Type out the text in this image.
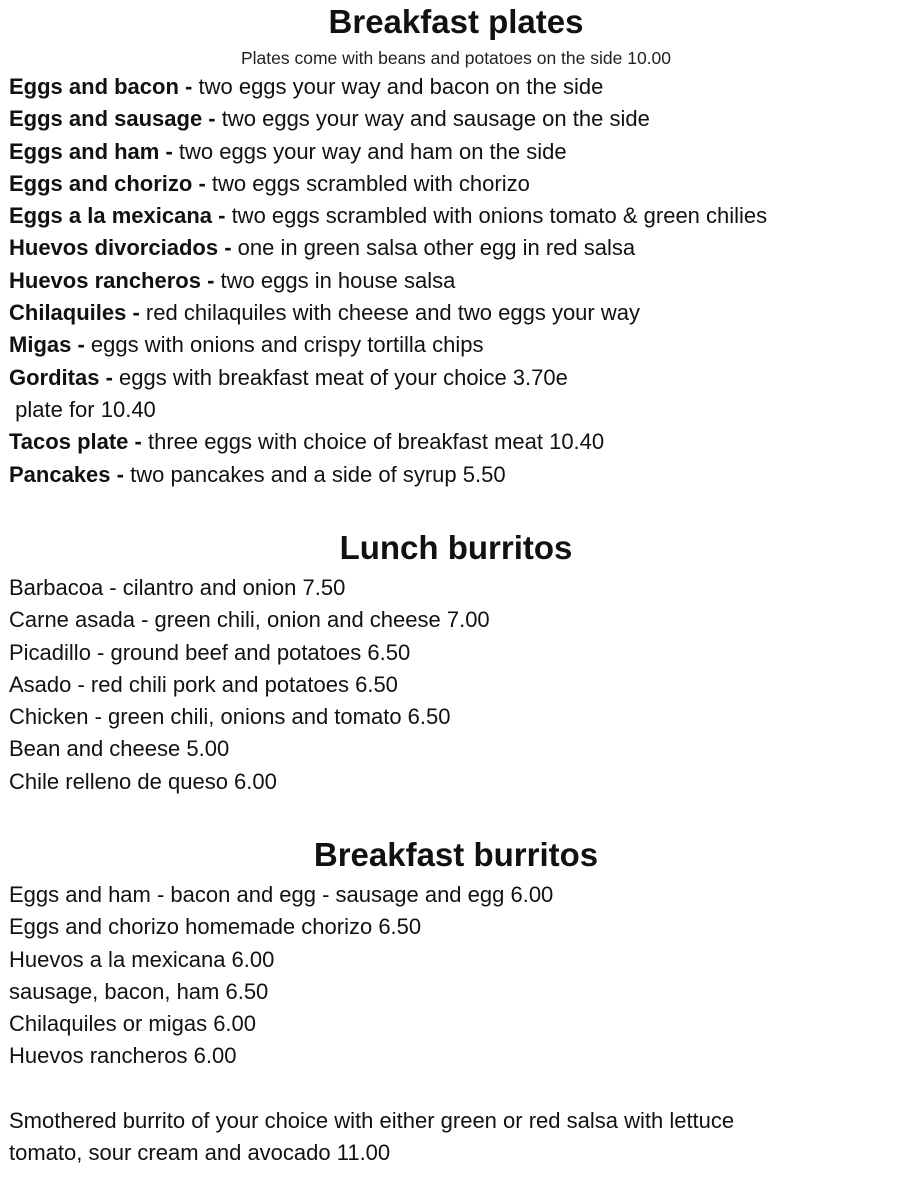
Breakfast plates

Plates come with beans and potatoes on the side 10.00

Eggs and bacon - two eggs your way and bacon on the side
Eggs and sausage - two eggs your way and sausage on the side
Eggs and ham - two eggs your way and ham on the side
Eggs and chorizo - two eggs scrambled with chorizo
Eggs a la mexicana - two eggs scrambled with onions tomato & green chilies
Huevos divorciados - one in green salsa other egg in red salsa
Huevos rancheros - two eggs in house salsa
Chilaquiles - red chilaquiles with cheese and two eggs your way
Migas - eggs with onions and crispy tortilla chips
Gorditas - eggs with breakfast meat of your choice 3.70e
plate for 10.40
Tacos plate - three eggs with choice of breakfast meat 10.40
Pancakes - two pancakes and a side of syrup 5.50
Lunch burritos
Barbacoa - cilantro and onion 7.50
Carne asada - green chili, onion and cheese 7.00
Picadillo - ground beef and potatoes 6.50
Asado - red chili pork and potatoes 6.50
Chicken - green chili, onions and tomato 6.50
Bean and cheese 5.00
Chile relleno de queso 6.00
Breakfast burritos
Eggs and ham - bacon and egg - sausage and egg 6.00
Eggs and chorizo homemade chorizo 6.50
Huevos a la mexicana 6.00
sausage, bacon, ham 6.50
Chilaquiles or migas 6.00
Huevos rancheros 6.00

Smothered burrito of your choice with either green or red salsa with lettuce
tomato, sour cream and avocado 11.00
